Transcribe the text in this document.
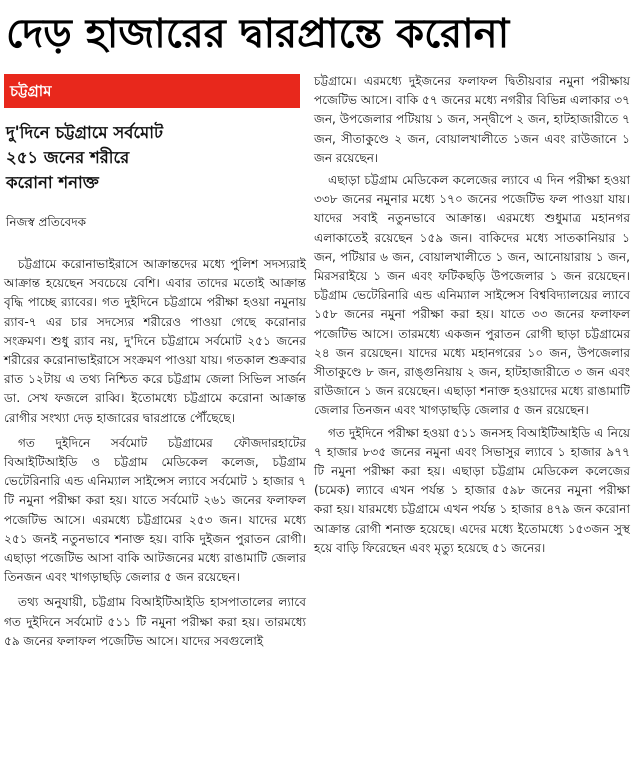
দেড় হাজারের দ্বারপ্রান্তে করোনা
চট্টগ্রাম
দু'দিনে চট্টগ্রামে সর্বমোট
২৫১ জনের শরীরে
করোনা শনাক্ত
নিজস্ব প্রতিবেদক

চট্টগ্রামে করোনাভাইরাসে আক্রান্তদের মধ্যে পুলিশ সদস্যরাই আক্রান্ত হয়েছেন সবচেয়ে বেশি। এবার তাদের মতোই আক্রান্ত বৃদ্ধি পাচ্ছে র‍্যাবের। গত দুইদিনে চট্টগ্রামে পরীক্ষা হওয়া নমুনায় র‍্যাব-৭ এর চার সদস্যের শরীরেও পাওয়া গেছে করোনার সংক্রমণ। শুধু র‍্যাব নয়, দু'দিনে চট্টগ্রামে সর্বমোট ২৫১ জনের শরীরের করোনাভাইরাসে সংক্রমণ পাওয়া যায়। গতকাল শুক্রবার রাত ১২টায় এ তথ্য নিশ্চিত করে চট্টগ্রাম জেলা সিভিল সার্জন ডা. সেখ ফজলে রাব্বি। ইতোমধ্যে চট্টগ্রামে করোনা আক্রান্ত রোগীর সংখ্যা দেড় হাজারের দ্বারপ্রান্তে পৌঁছেছে।

গত দুইদিনে সর্বমোট চট্টগ্রামের ফৌজদারহাটের বিআইটিআইডি ও চট্টগ্রাম মেডিকেল কলেজ, চট্টগ্রাম ভেটেরিনারি এন্ড এনিম্যাল সাইন্সেস ল্যাবে সর্বমোট ১ হাজার ৭ টি নমুনা পরীক্ষা করা হয়। যাতে সর্বমোট ২৬১ জনের ফলাফল পজেটিভ আসে। এরমধ্যে চট্টগ্রামের ২৫৩ জন। যাদের মধ্যে ২৫১ জনই নতুনভাবে শনাক্ত হয়। বাকি দুইজন পুরাতন রোগী। এছাড়া পজেটিভ আসা বাকি আটজনের মধ্যে রাঙামাটি জেলার তিনজন এবং খাগড়াছড়ি জেলার ৫ জন রয়েছেন।

তথ্য অনুযায়ী, চট্টগ্রাম বিআইটিআইডি হাসপাতালের ল্যাবে গত দুইদিনে সর্বমোট ৫১১ টি নমুনা পরীক্ষা করা হয়। তারমধ্যে ৫৯ জনের ফলাফল পজেটিভ আসে। যাদের সবগুলোই

চট্টগ্রামে। এরমধ্যে দুইজনের ফলাফল দ্বিতীয়বার নমুনা পরীক্ষায় পজেটিভ আসে। বাকি ৫৭ জনের মধ্যে নগরীর বিভিন্ন এলাকার ৩৭ জন, উপজেলার পটিয়ায় ১ জন, সন্দ্বীপে ২ জন, হাটহাজারীতে ৭ জন, সীতাকুণ্ডে ২ জন, বোয়ালখালীতে ১জন এবং রাউজানে ১ জন রয়েছেন।

এছাড়া চট্টগ্রাম মেডিকেল কলেজের ল্যাবে এ দিন পরীক্ষা হওয়া ৩৩৮ জনের নমুনার মধ্যে ১৭০ জনের পজেটিভ ফল পাওয়া যায়। যাদের সবাই নতুনভাবে আক্রান্ত। এরমধ্যে শুধুমাত্র মহানগর এলাকাতেই রয়েছেন ১৫৯ জন। বাকিদের মধ্যে সাতকানিয়ার ১ জন, পটিয়ার ৬ জন, বোয়ালখালীতে ১ জন, আনোয়ারায় ১ জন, মিরসরাইয়ে ১ জন এবং ফটিকছড়ি উপজেলার ১ জন রয়েছেন। চট্টগ্রাম ভেটেরিনারি এন্ড এনিম্যাল সাইন্সেস বিশ্ববিদ্যালয়ের ল্যাবে ১৫৮ জনের নমুনা পরীক্ষা করা হয়। যাতে ৩৩ জনের ফলাফল পজেটিভ আসে। তারমধ্যে একজন পুরাতন রোগী ছাড়া চট্টগ্রামের ২৪ জন রয়েছেন। যাদের মধ্যে মহানগরের ১০ জন, উপজেলার সীতাকুণ্ডে ৮ জন, রাঙ্গুনিয়ায় ২ জন, হাটহাজারীতে ৩ জন এবং রাউজানে ১ জন রয়েছেন। এছাড়া শনাক্ত হওয়াদের মধ্যে রাঙামাটি জেলার তিনজন এবং খাগড়াছড়ি জেলার ৫ জন রয়েছেন।

গত দুইদিনে পরীক্ষা হওয়া ৫১১ জনসহ বিআইটিআইডি এ নিয়ে ৭ হাজার ৮৩৫ জনের নমুনা এবং সিভাসুর ল্যাবে ১ হাজার ৯৭৭ টি নমুনা পরীক্ষা করা হয়। এছাড়া চট্টগ্রাম মেডিকেল কলেজের (চমেক) ল্যাবে এখন পর্যন্ত ১ হাজার ৫৯৮ জনের নমুনা পরীক্ষা করা হয়। যারমধ্যে চট্টগ্রামে এখন পর্যন্ত ১ হাজার ৪৭৯ জন করোনা আক্রান্ত রোগী শনাক্ত হয়েছে। এদের মধ্যে ইতোমধ্যে ১৫৩জন সুস্থ হয়ে বাড়ি ফিরেছেন এবং মৃত্যু হয়েছে ৫১ জনের।
